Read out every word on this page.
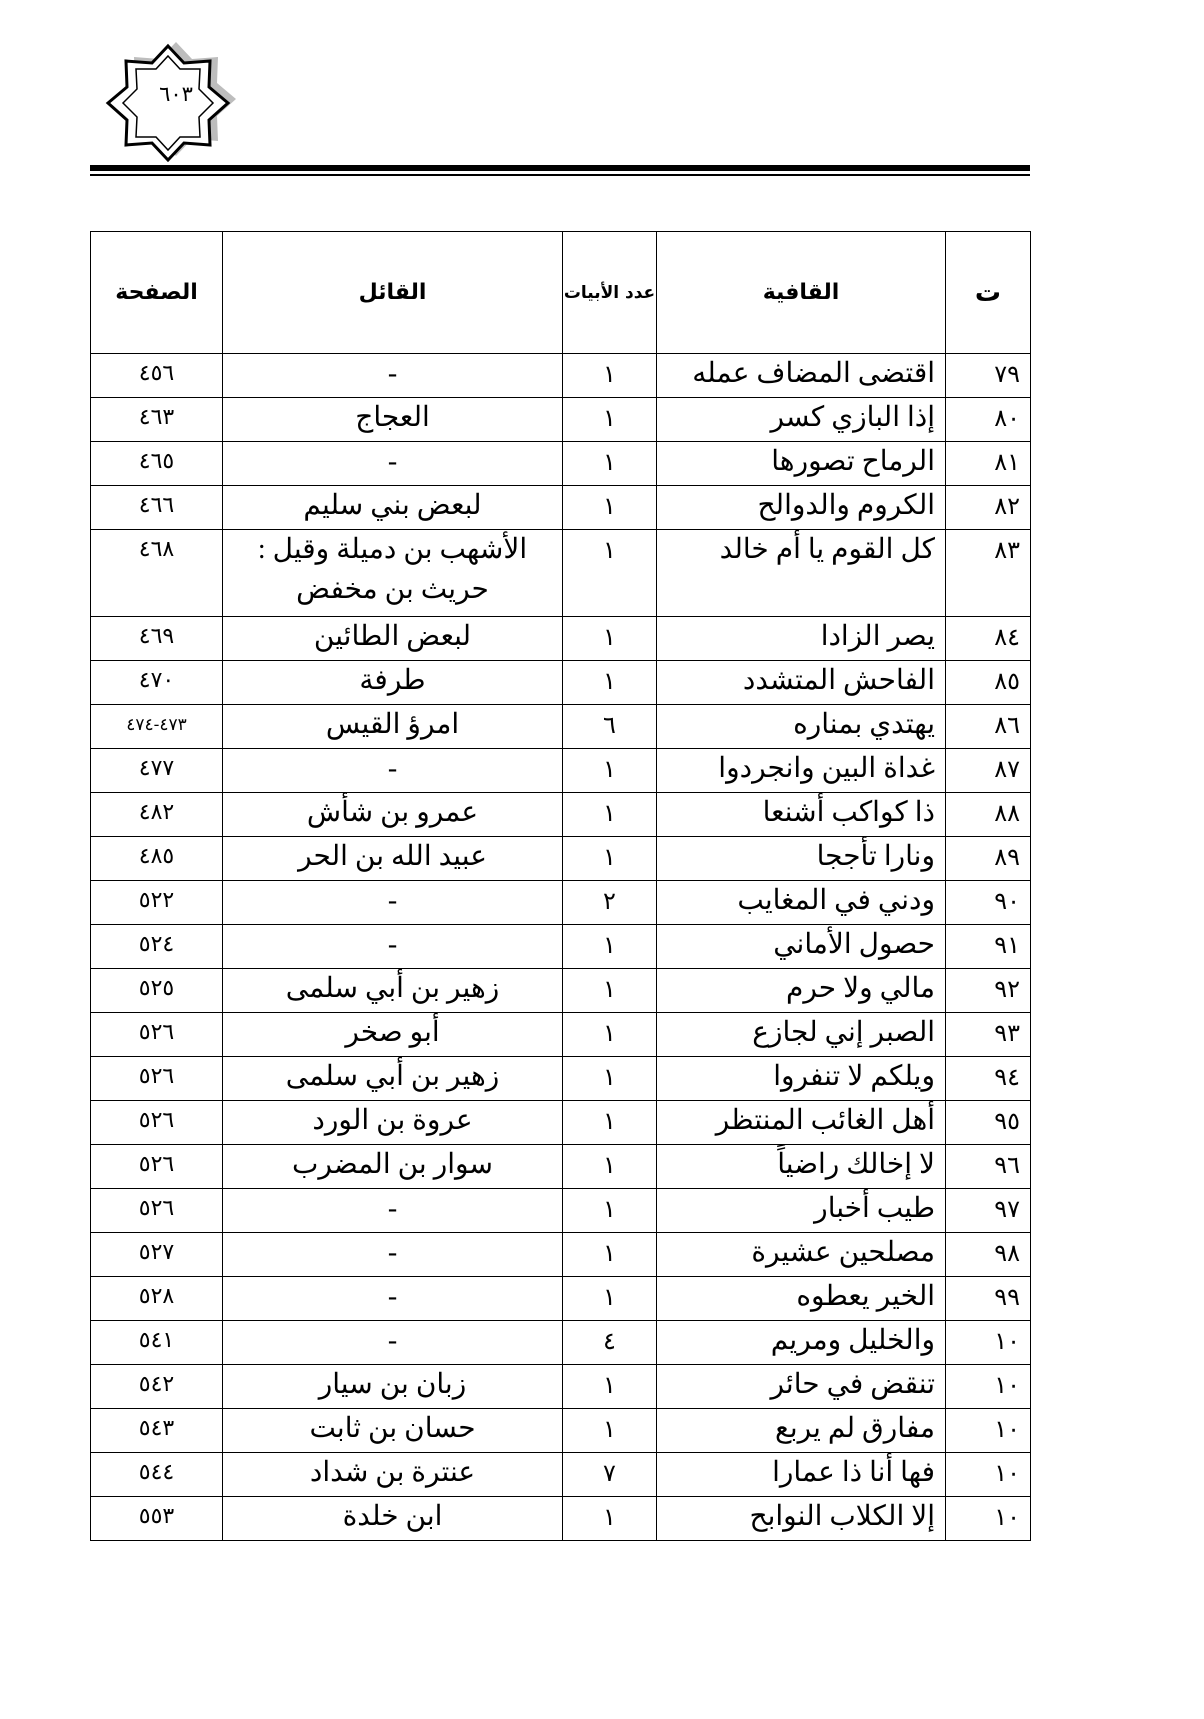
٦٠٣
ت	القافية	عدد الأبيات	القائل	الصفحة
٧٩	اقتضى المضاف عمله	١	-	٤٥٦
٨٠	إذا البازي كسر	١	العجاج	٤٦٣
٨١	الرماح تصورها	١	-	٤٦٥
٨٢	الكروم والدوالح	١	لبعض بني سليم	٤٦٦
٨٣	كل القوم يا أم خالد	١	الأشهب بن دميلة وقيل : حريث بن مخفض	٤٦٨
٨٤	يصر الزادا	١	لبعض الطائين	٤٦٩
٨٥	الفاحش المتشدد	١	طرفة	٤٧٠
٨٦	يهتدي بمناره	٦	امرؤ القيس	٤٧٣-٤٧٤
٨٧	غداة البين وانجردوا	١	-	٤٧٧
٨٨	ذا كواكب أشنعا	١	عمرو بن شأش	٤٨٢
٨٩	ونارا تأججا	١	عبيد الله بن الحر	٤٨٥
٩٠	ودني في المغايب	٢	-	٥٢٢
٩١	حصول الأماني	١	-	٥٢٤
٩٢	مالي ولا حرم	١	زهير بن أبي سلمى	٥٢٥
٩٣	الصبر إني لجازع	١	أبو صخر	٥٢٦
٩٤	ويلكم لا تنفروا	١	زهير بن أبي سلمى	٥٢٦
٩٥	أهل الغائب المنتظر	١	عروة بن الورد	٥٢٦
٩٦	لا إخالك راضياً	١	سوار بن المضرب	٥٢٦
٩٧	طيب أخبار	١	-	٥٢٦
٩٨	مصلحين عشيرة	١	-	٥٢٧
٩٩	الخير يعطوه	١	-	٥٢٨
١٠	والخليل ومريم	٤	-	٥٤١
١٠	تنقض في حائر	١	زبان بن سيار	٥٤٢
١٠	مفارق لم يربع	١	حسان بن ثابت	٥٤٣
١٠	فها أنا ذا عمارا	٧	عنترة بن شداد	٥٤٤
١٠	إلا الكلاب النوابح	١	ابن خلدة	٥٥٣
